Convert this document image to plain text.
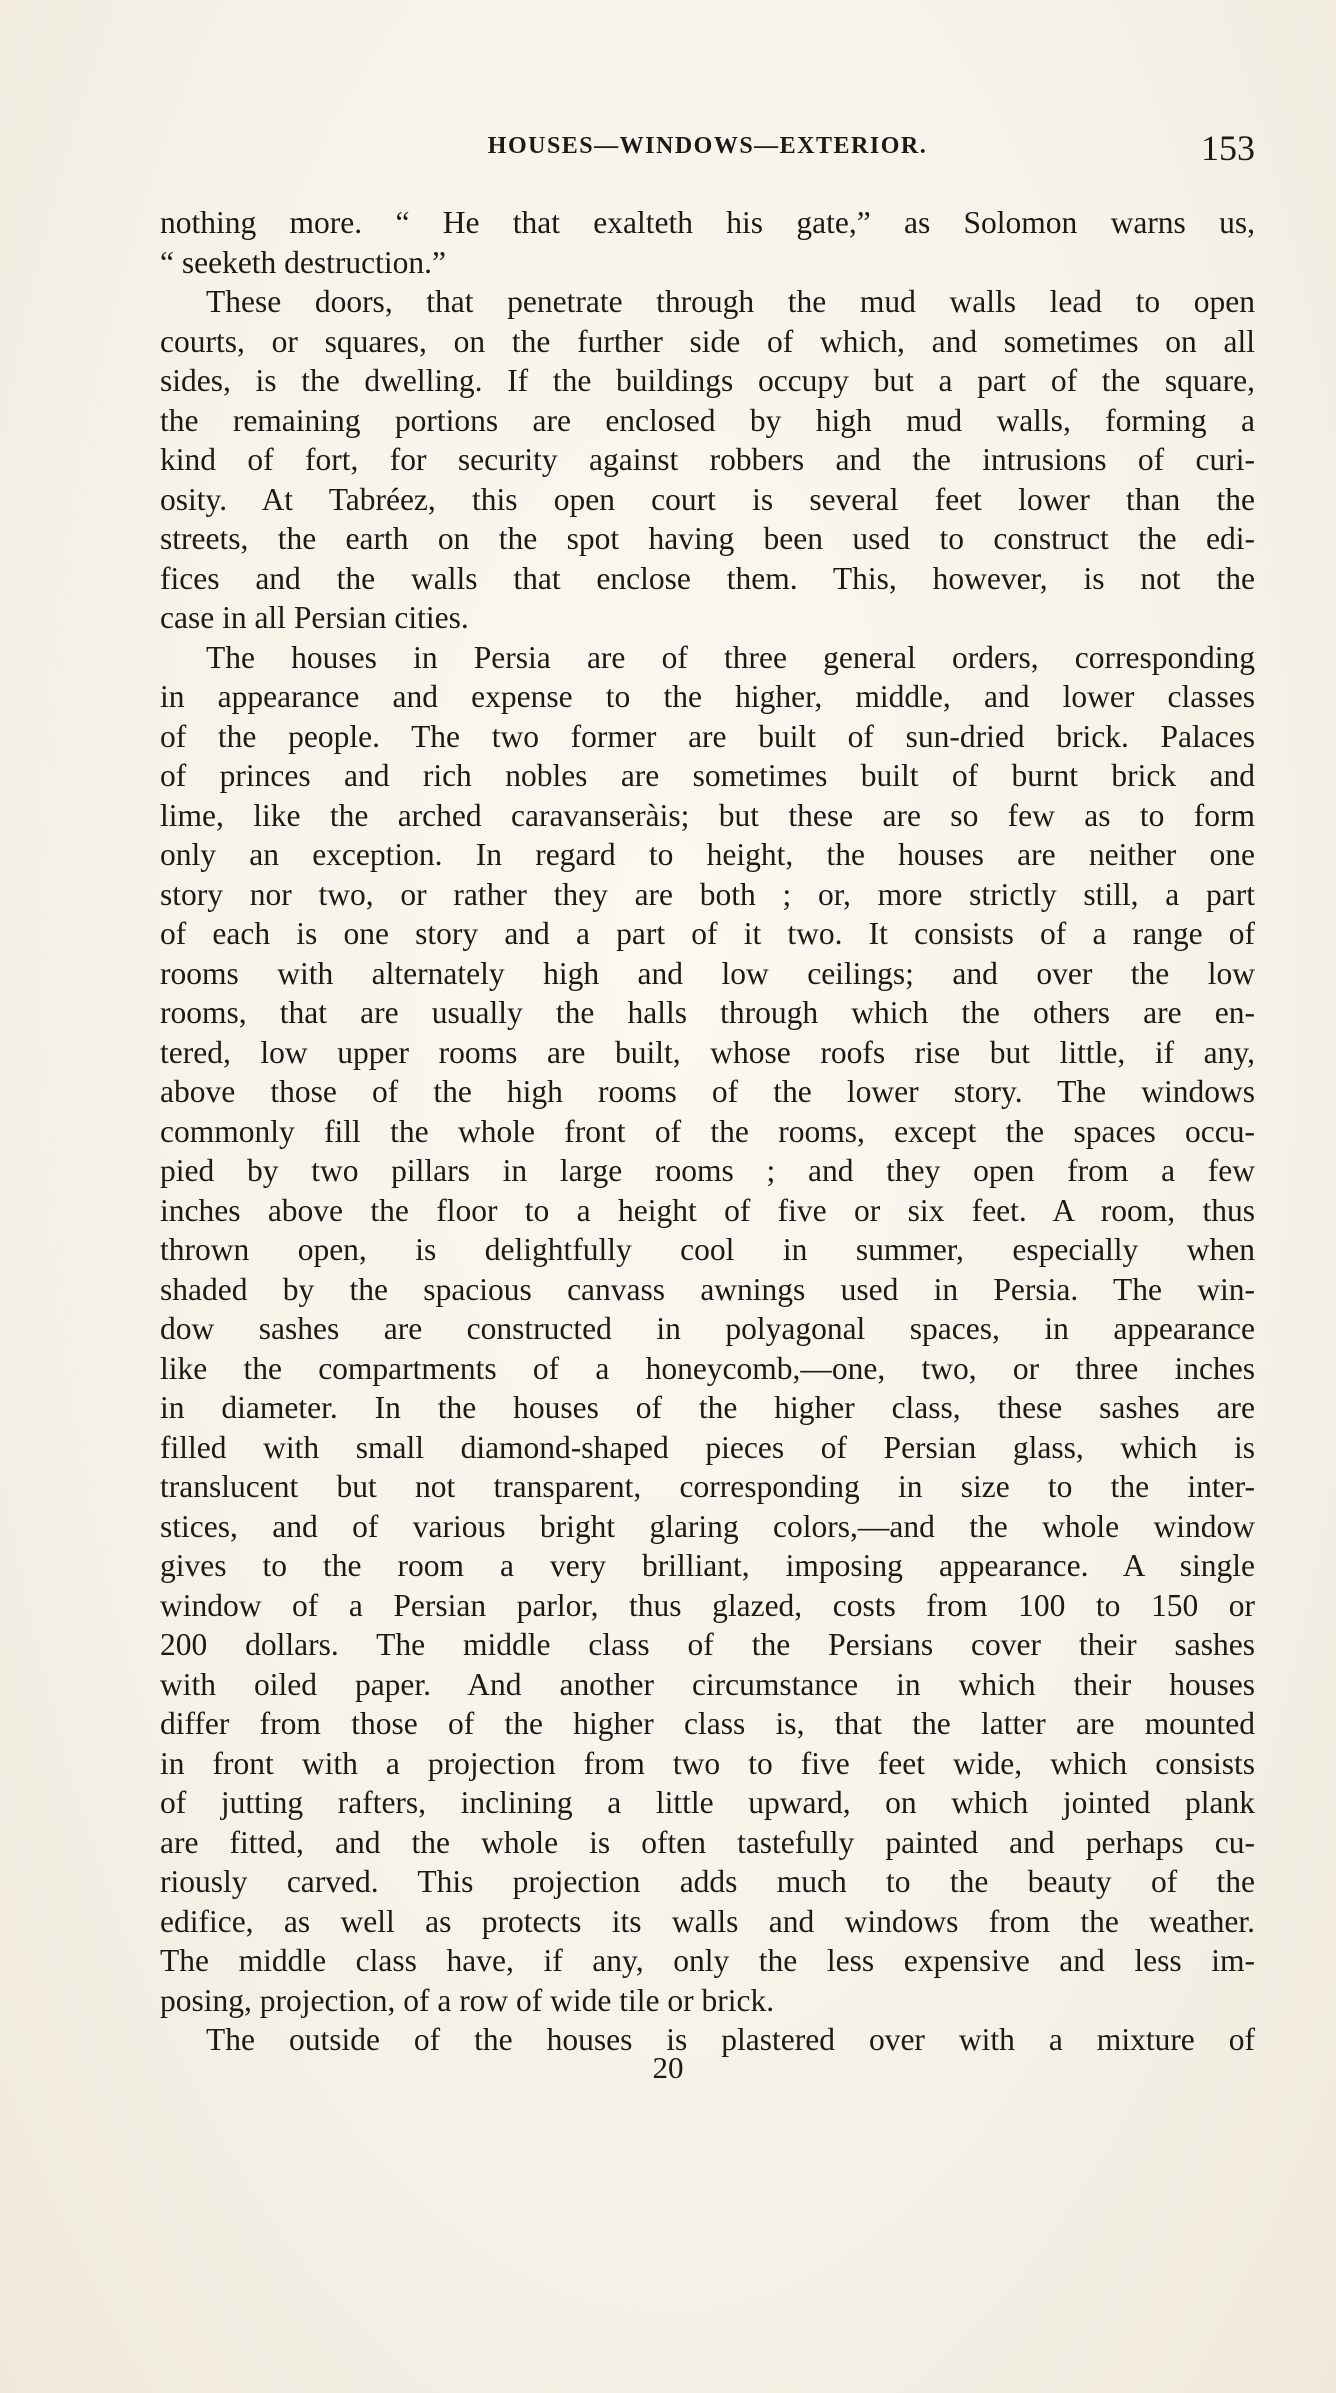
HOUSES—WINDOWS—EXTERIOR.	153
nothing more. “ He that exalteth his gate,” as Solomon warns us,
“ seeketh destruction.”
These doors, that penetrate through the mud walls lead to open
courts, or squares, on the further side of which, and sometimes on all
sides, is the dwelling. If the buildings occupy but a part of the square,
the remaining portions are enclosed by high mud walls, forming a
kind of fort, for security against robbers and the intrusions of curi-
osity. At Tabréez, this open court is several feet lower than the
streets, the earth on the spot having been used to construct the edi-
fices and the walls that enclose them. This, however, is not the
case in all Persian cities.
The houses in Persia are of three general orders, corresponding
in appearance and expense to the higher, middle, and lower classes
of the people. The two former are built of sun-dried brick. Palaces
of princes and rich nobles are sometimes built of burnt brick and
lime, like the arched caravanseràis; but these are so few as to form
only an exception. In regard to height, the houses are neither one
story nor two, or rather they are both ; or, more strictly still, a part
of each is one story and a part of it two. It consists of a range of
rooms with alternately high and low ceilings; and over the low
rooms, that are usually the halls through which the others are en-
tered, low upper rooms are built, whose roofs rise but little, if any,
above those of the high rooms of the lower story. The windows
commonly fill the whole front of the rooms, except the spaces occu-
pied by two pillars in large rooms ; and they open from a few
inches above the floor to a height of five or six feet. A room, thus
thrown open, is delightfully cool in summer, especially when
shaded by the spacious canvass awnings used in Persia. The win-
dow sashes are constructed in polyagonal spaces, in appearance
like the compartments of a honeycomb,—one, two, or three inches
in diameter. In the houses of the higher class, these sashes are
filled with small diamond-shaped pieces of Persian glass, which is
translucent but not transparent, corresponding in size to the inter-
stices, and of various bright glaring colors,—and the whole window
gives to the room a very brilliant, imposing appearance. A single
window of a Persian parlor, thus glazed, costs from 100 to 150 or
200 dollars. The middle class of the Persians cover their sashes
with oiled paper. And another circumstance in which their houses
differ from those of the higher class is, that the latter are mounted
in front with a projection from two to five feet wide, which consists
of jutting rafters, inclining a little upward, on which jointed plank
are fitted, and the whole is often tastefully painted and perhaps cu-
riously carved. This projection adds much to the beauty of the
edifice, as well as protects its walls and windows from the weather.
The middle class have, if any, only the less expensive and less im-
posing, projection, of a row of wide tile or brick.
The outside of the houses is plastered over with a mixture of
20
